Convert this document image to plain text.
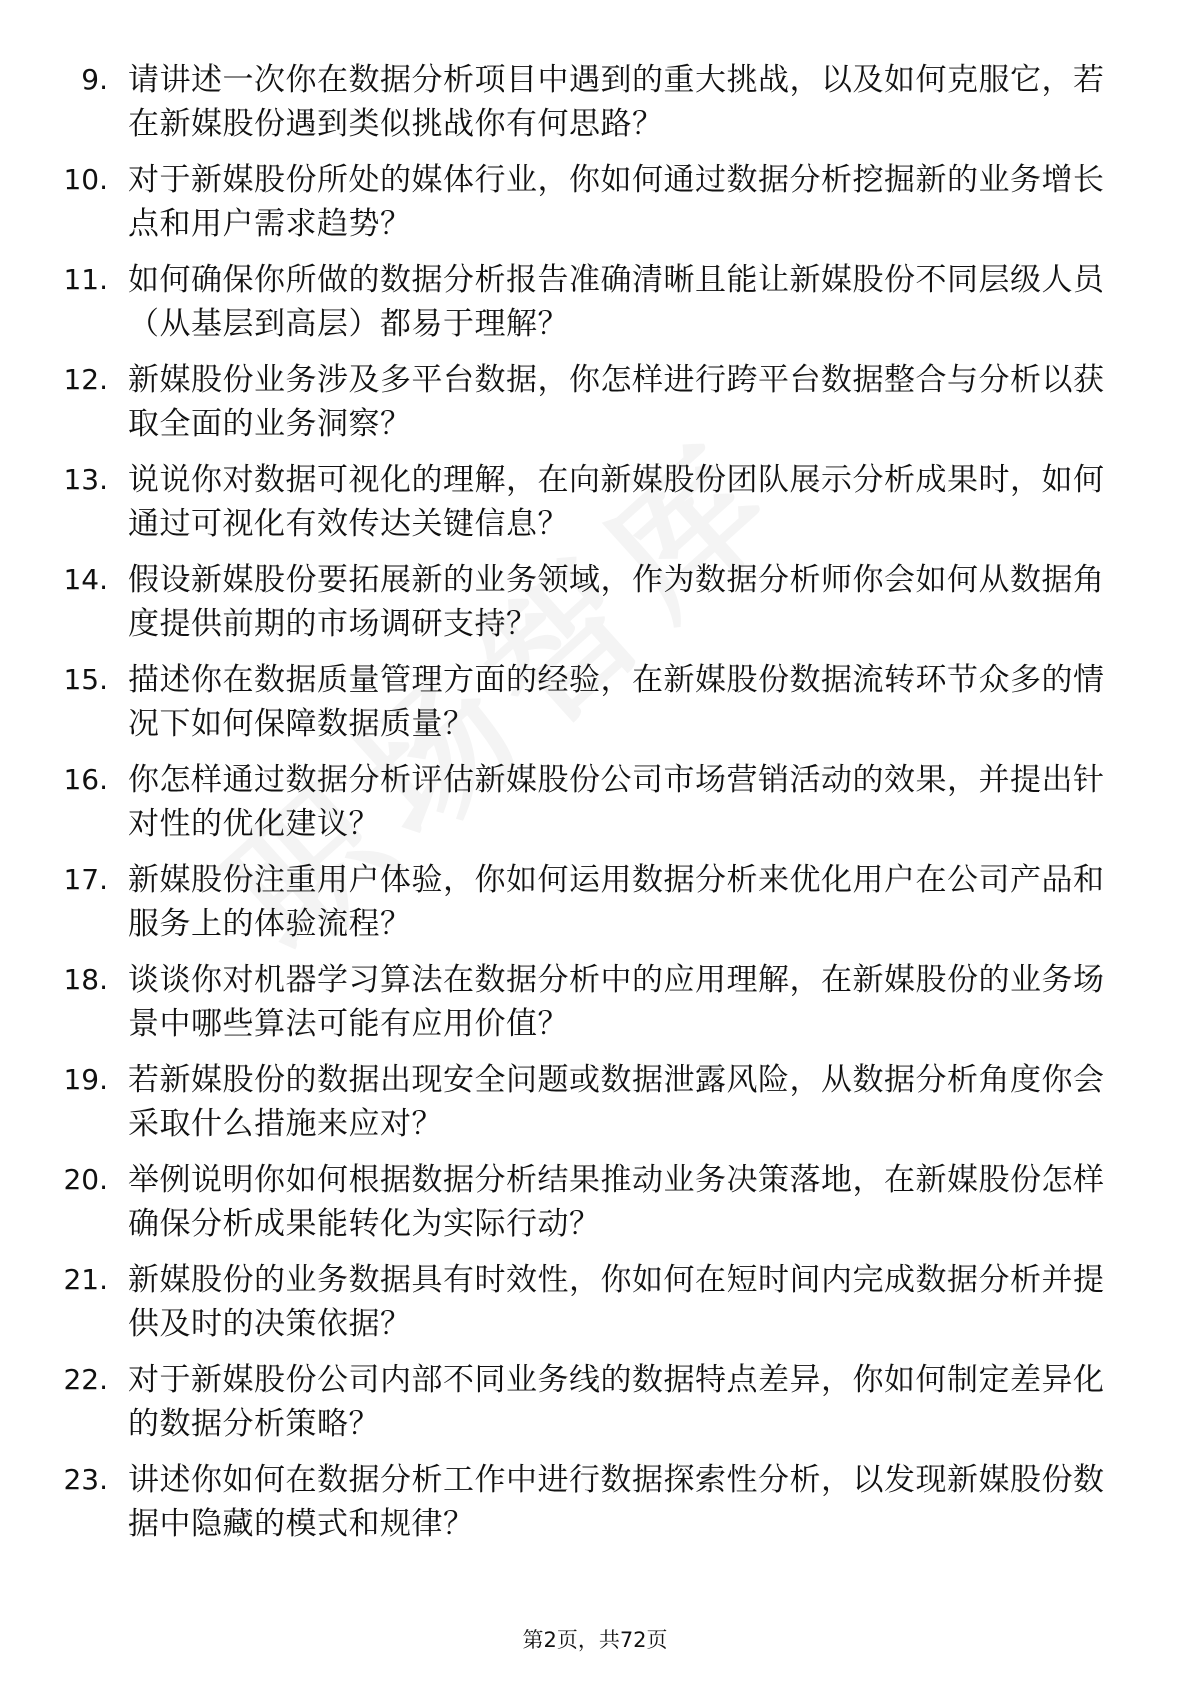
9. 请讲述一次你在数据分析项目中遇到的重大挑战，以及如何克服它，若在新媒股份遇到类似挑战你有何思路？
10. 对于新媒股份所处的媒体行业，你如何通过数据分析挖掘新的业务增长点和用户需求趋势？
11. 如何确保你所做的数据分析报告准确清晰且能让新媒股份不同层级人员（从基层到高层）都易于理解？
12. 新媒股份业务涉及多平台数据，你怎样进行跨平台数据整合与分析以获取全面的业务洞察？
13. 说说你对数据可视化的理解，在向新媒股份团队展示分析成果时，如何通过可视化有效传达关键信息？
14. 假设新媒股份要拓展新的业务领域，作为数据分析师你会如何从数据角度提供前期的市场调研支持？
15. 描述你在数据质量管理方面的经验，在新媒股份数据流转环节众多的情况下如何保障数据质量？
16. 你怎样通过数据分析评估新媒股份公司市场营销活动的效果，并提出针对性的优化建议？
17. 新媒股份注重用户体验，你如何运用数据分析来优化用户在公司产品和服务上的体验流程？
18. 谈谈你对机器学习算法在数据分析中的应用理解，在新媒股份的业务场景中哪些算法可能有应用价值？
19. 若新媒股份的数据出现安全问题或数据泄露风险，从数据分析角度你会采取什么措施来应对？
20. 举例说明你如何根据数据分析结果推动业务决策落地，在新媒股份怎样确保分析成果能转化为实际行动？
21. 新媒股份的业务数据具有时效性，你如何在短时间内完成数据分析并提供及时的决策依据？
22. 对于新媒股份公司内部不同业务线的数据特点差异，你如何制定差异化的数据分析策略？
23. 讲述你如何在数据分析工作中进行数据探索性分析，以发现新媒股份数据中隐藏的模式和规律？
第2页，共72页
